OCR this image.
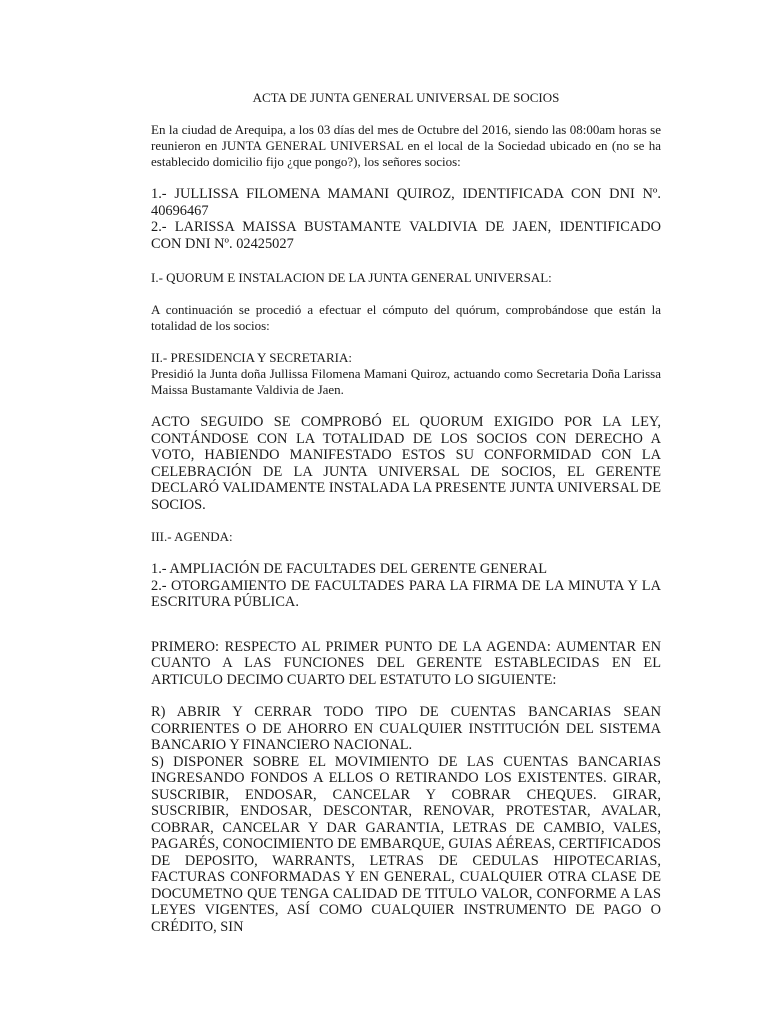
ACTA DE JUNTA GENERAL UNIVERSAL DE SOCIOS

En la ciudad de Arequipa, a los 03 días del mes de Octubre del 2016, siendo las 08:00am horas se reunieron en JUNTA GENERAL UNIVERSAL en el local de la Sociedad ubicado en (no se ha establecido domicilio fijo ¿que pongo?), los señores socios:

1.- JULLISSA FILOMENA MAMANI QUIROZ, IDENTIFICADA CON DNI Nº. 40696467

2.- LARISSA MAISSA BUSTAMANTE VALDIVIA DE JAEN, IDENTIFICADO CON DNI Nº. 02425027

I.- QUORUM E INSTALACION DE LA JUNTA GENERAL UNIVERSAL:

A continuación se procedió a efectuar el cómputo del quórum, comprobándose que están la totalidad de los socios:

II.- PRESIDENCIA Y SECRETARIA:

Presidió la Junta doña Jullissa Filomena Mamani Quiroz, actuando como Secretaria Doña Larissa Maissa Bustamante Valdivia de Jaen.

ACTO SEGUIDO SE COMPROBÓ EL QUORUM EXIGIDO POR LA LEY, CONTÁNDOSE CON LA TOTALIDAD DE LOS SOCIOS CON DERECHO A VOTO, HABIENDO MANIFESTADO ESTOS SU CONFORMIDAD CON LA CELEBRACIÓN DE LA JUNTA UNIVERSAL DE SOCIOS, EL GERENTE DECLARÓ VALIDAMENTE INSTALADA LA PRESENTE JUNTA UNIVERSAL DE SOCIOS.

III.- AGENDA:

1.- AMPLIACIÓN DE FACULTADES DEL GERENTE GENERAL

2.- OTORGAMIENTO DE FACULTADES PARA LA FIRMA DE LA MINUTA Y LA ESCRITURA PÚBLICA.

PRIMERO: RESPECTO AL PRIMER PUNTO DE LA AGENDA: AUMENTAR EN CUANTO A LAS FUNCIONES DEL GERENTE ESTABLECIDAS EN EL ARTICULO DECIMO CUARTO DEL ESTATUTO LO SIGUIENTE:

R) ABRIR Y CERRAR TODO TIPO DE CUENTAS BANCARIAS SEAN CORRIENTES O DE AHORRO EN CUALQUIER INSTITUCIÓN DEL SISTEMA BANCARIO Y FINANCIERO NACIONAL.

S) DISPONER SOBRE EL MOVIMIENTO DE LAS CUENTAS BANCARIAS INGRESANDO FONDOS A ELLOS O RETIRANDO LOS EXISTENTES. GIRAR, SUSCRIBIR, ENDOSAR, CANCELAR Y COBRAR CHEQUES. GIRAR, SUSCRIBIR, ENDOSAR, DESCONTAR, RENOVAR, PROTESTAR, AVALAR, COBRAR, CANCELAR Y DAR GARANTIA, LETRAS DE CAMBIO, VALES, PAGARÉS, CONOCIMIENTO DE EMBARQUE, GUIAS AÉREAS, CERTIFICADOS DE DEPOSITO, WARRANTS, LETRAS DE CEDULAS HIPOTECARIAS, FACTURAS CONFORMADAS Y EN GENERAL, CUALQUIER OTRA CLASE DE DOCUMETNO QUE TENGA CALIDAD DE TITULO VALOR, CONFORME A LAS LEYES VIGENTES, ASÍ COMO CUALQUIER INSTRUMENTO DE PAGO O CRÉDITO, SIN
